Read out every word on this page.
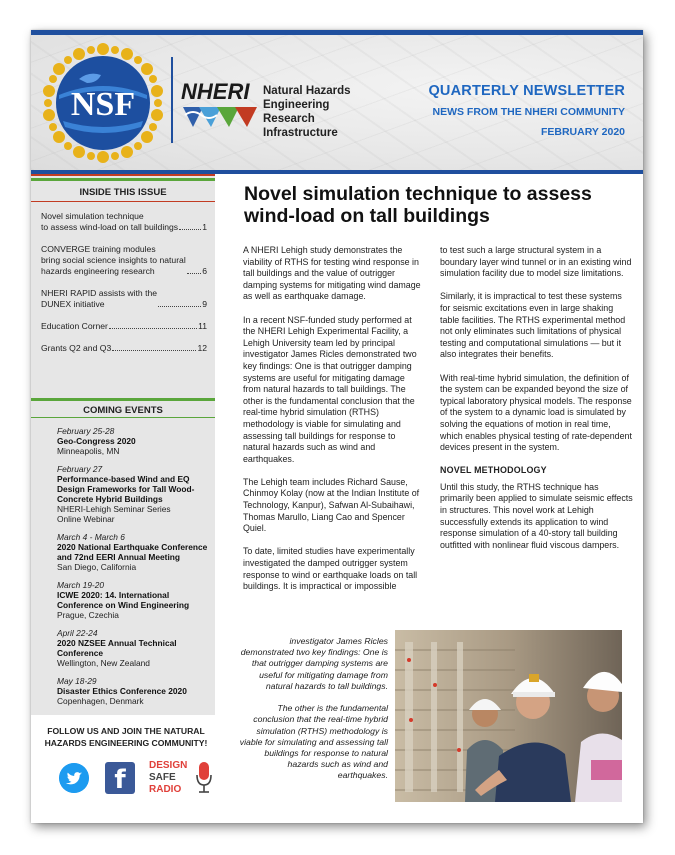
NSF NHERI Natural Hazards
Engineering
Research
Infrastructure
QUARTERLY NEWSLETTER
NEWS FROM THE NHERI COMMUNITY
FEBRUARY 2020
INSIDE THIS ISSUE
Novel simulation technique
to assess wind-load on tall buildings	1
CONVERGE training modules
bring social science insights to natural
hazards engineering research	6
NHERI RAPID assists with the
DUNEX initiative	9
Education Corner	11
Grants Q2 and Q3	12
COMING EVENTS
February 25-28
Geo-Congress 2020
Minneapolis, MN
February 27
Performance-based Wind and EQ Design Frameworks for Tall Wood-Concrete Hybrid Buildings
NHERI-Lehigh Seminar Series
Online Webinar
March 4 - March 6
2020 National Earthquake Conference and 72nd EERI Annual Meeting
San Diego, California
March 19-20
ICWE 2020: 14. International Conference on Wind Engineering
Prague, Czechia
April 22-24
2020 NZSEE Annual Technical Conference
Wellington, New Zealand
May 18-29
Disaster Ethics Conference 2020
Copenhagen, Denmark
FOLLOW US AND JOIN THE NATURAL HAZARDS ENGINEERING COMMUNITY!
f	DESIGN
SAFE
RADIO
Novel simulation technique to assess wind-load on tall buildings

A NHERI Lehigh study demonstrates the viability of RTHS for testing wind response in tall buildings and the value of outrigger damping systems for mitigating wind damage as well as earthquake damage.

In a recent NSF-funded study performed at the NHERI Lehigh Experimental Facility, a Lehigh University team led by principal investigator James Ricles demonstrated two key findings: One is that outrigger damping systems are useful for mitigating damage from natural hazards to tall buildings. The other is the fundamental conclusion that the real-time hybrid simulation (RTHS) methodology is viable for simulating and assessing tall buildings for response to natural hazards such as wind and earthquakes.

The Lehigh team includes Richard Sause, Chinmoy Kolay (now at the Indian Institute of Technology, Kanpur), Safwan Al-Subaihawi, Thomas Marullo, Liang Cao and Spencer Quiel.

To date, limited studies have experimentally investigated the damped outrigger system response to wind or earthquake loads on tall buildings. It is impractical or impossible

to test such a large structural system in a boundary layer wind tunnel or in an existing wind simulation facility due to model size limitations.

Similarly, it is impractical to test these systems for seismic excitations even in large shaking table facilities. The RTHS experimental method not only eliminates such limitations of physical testing and computational simulations — but it also integrates their benefits.

With real-time hybrid simulation, the definition of the system can be expanded beyond the size of typical laboratory physical models. The response of the system to a dynamic load is simulated by solving the equations of motion in real time, which enables physical testing of rate-dependent devices present in the system.

NOVEL METHODOLOGY

Until this study, the RTHS technique has primarily been applied to simulate seismic effects in structures. This novel work at Lehigh successfully extends its application to wind response simulation of a 40-story tall building outfitted with nonlinear fluid viscous dampers.

investigator James Ricles demonstrated two key findings: One is that outrigger damping systems are useful for mitigating damage from natural hazards to tall buildings.

The other is the fundamental conclusion that the real-time hybrid simulation (RTHS) methodology is viable for simulating and assessing tall buildings for response to natural hazards such as wind and earthquakes.
